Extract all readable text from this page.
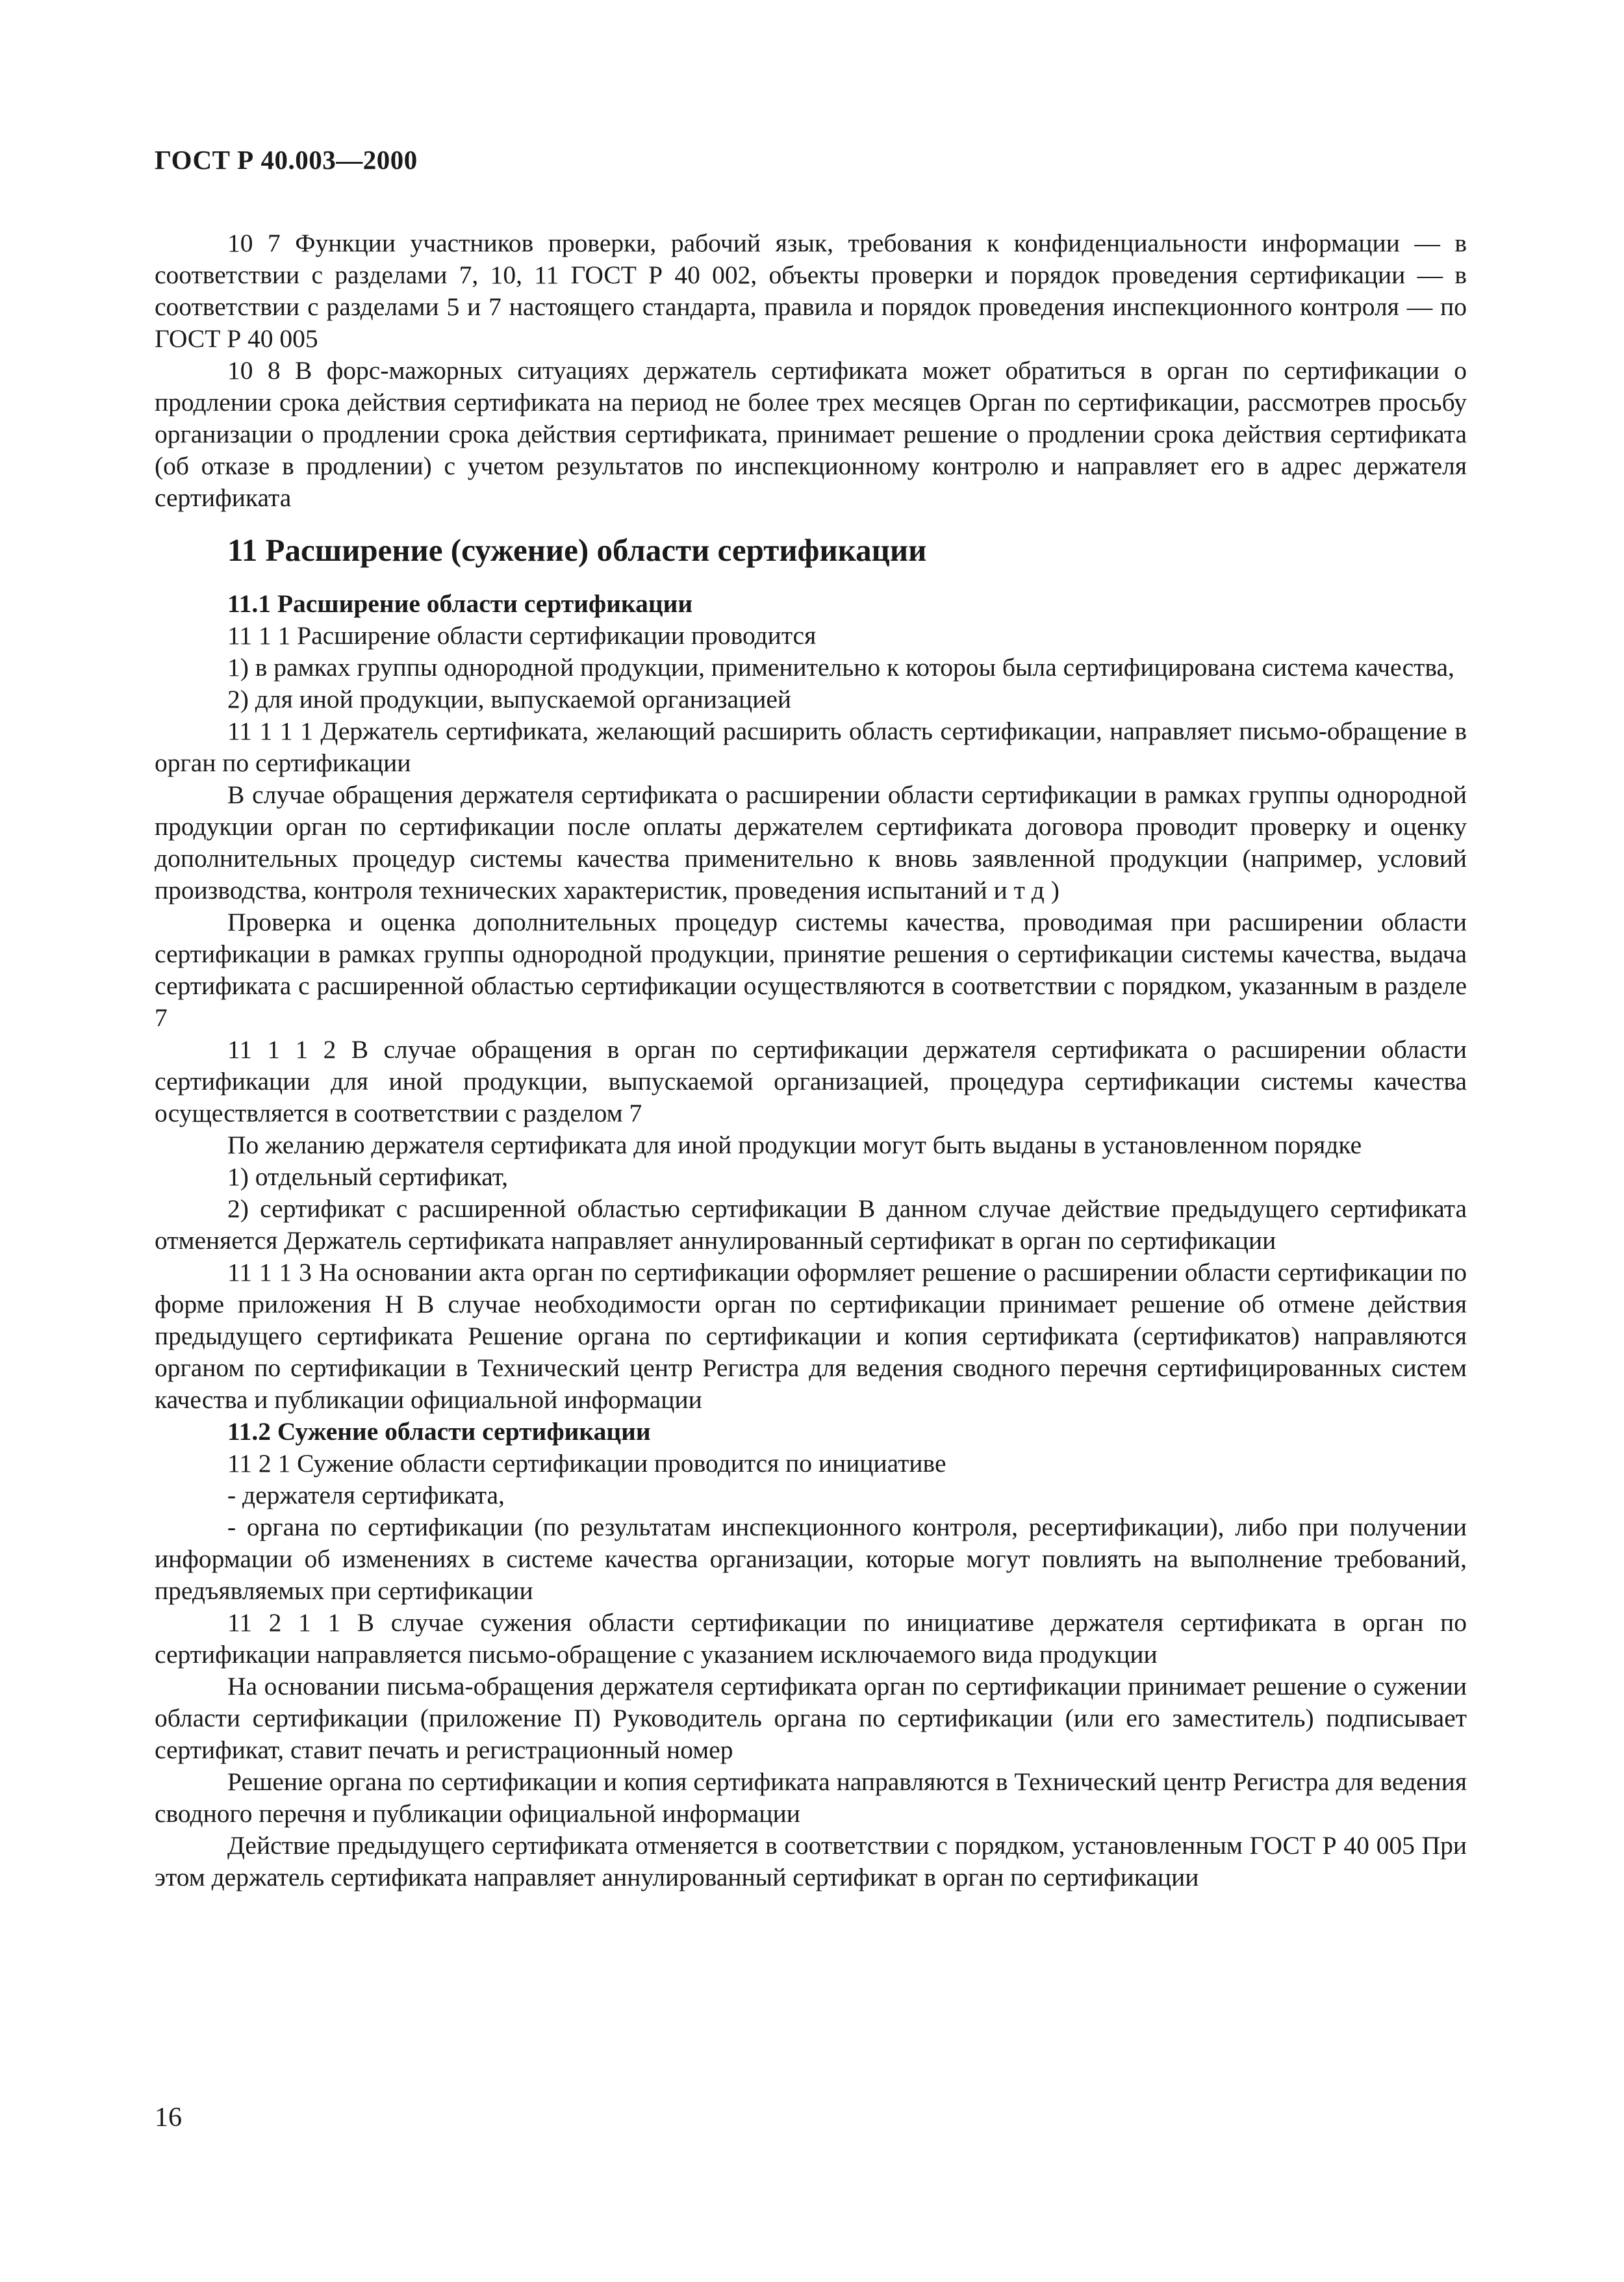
ГОСТ Р 40.003—2000

10 7 Функции участников проверки, рабочий язык, требования к конфиденциальности информации — в соответствии с разделами 7, 10, 11 ГОСТ Р 40 002, объекты проверки и порядок проведения сертификации — в соответствии с разделами 5 и 7 настоящего стандарта, правила и порядок проведения инспекционного контроля — по ГОСТ Р 40 005

10 8 В форс-мажорных ситуациях держатель сертификата может обратиться в орган по сертификации о продлении срока действия сертификата на период не более трех месяцев Орган по сертификации, рассмотрев просьбу организации о продлении срока действия сертификата, принимает решение о продлении срока действия сертификата (об отказе в продлении) с учетом результатов по инспекционному контролю и направляет его в адрес держателя сертификата

11 Расширение (сужение) области сертификации
11.1 Расширение области сертификации

11 1 1 Расширение области сертификации проводится

1) в рамках группы однородной продукции, применительно к котороы была сертифицирована система качества,

2) для иной продукции, выпускаемой организацией

11 1 1 1 Держатель сертификата, желающий расширить область сертификации, направляет письмо-обращение в орган по сертификации

В случае обращения держателя сертификата о расширении области сертификации в рамках группы однородной продукции орган по сертификации после оплаты держателем сертификата договора проводит проверку и оценку дополнительных процедур системы качества применительно к вновь заявленной продукции (например, условий производства, контроля технических характеристик, проведения испытаний и т д )

Проверка и оценка дополнительных процедур системы качества, проводимая при расширении области сертификации в рамках группы однородной продукции, принятие решения о сертификации системы качества, выдача сертификата с расширенной областью сертификации осуществляются в соответствии с порядком, указанным в разделе 7

11 1 1 2 В случае обращения в орган по сертификации держателя сертификата о расширении области сертификации для иной продукции, выпускаемой организацией, процедура сертификации системы качества осуществляется в соответствии с разделом 7

По желанию держателя сертификата для иной продукции могут быть выданы в установленном порядке

1) отдельный сертификат,

2) сертификат с расширенной областью сертификации В данном случае действие предыдущего сертификата отменяется Держатель сертификата направляет аннулированный сертификат в орган по сертификации

11 1 1 3 На основании акта орган по сертификации оформляет решение о расширении области сертификации по форме приложения Н В случае необходимости орган по сертификации принимает решение об отмене действия предыдущего сертификата Решение органа по сертификации и копия сертификата (сертификатов) направляются органом по сертификации в Технический центр Регистра для ведения сводного перечня сертифицированных систем качества и публикации официальной информации

11.2 Сужение области сертификации

11 2 1 Сужение области сертификации проводится по инициативе

- держателя сертификата,

- органа по сертификации (по результатам инспекционного контроля, ресертификации), либо при получении информации об изменениях в системе качества организации, которые могут повлиять на выполнение требований, предъявляемых при сертификации

11 2 1 1 В случае сужения области сертификации по инициативе держателя сертификата в орган по сертификации направляется письмо-обращение с указанием исключаемого вида продукции

На основании письма-обращения держателя сертификата орган по сертификации принимает решение о сужении области сертификации (приложение П) Руководитель органа по сертификации (или его заместитель) подписывает сертификат, ставит печать и регистрационный номер

Решение органа по сертификации и копия сертификата направляются в Технический центр Регистра для ведения сводного перечня и публикации официальной информации

Действие предыдущего сертификата отменяется в соответствии с порядком, установленным ГОСТ Р 40 005 При этом держатель сертификата направляет аннулированный сертификат в орган по сертификации

16
